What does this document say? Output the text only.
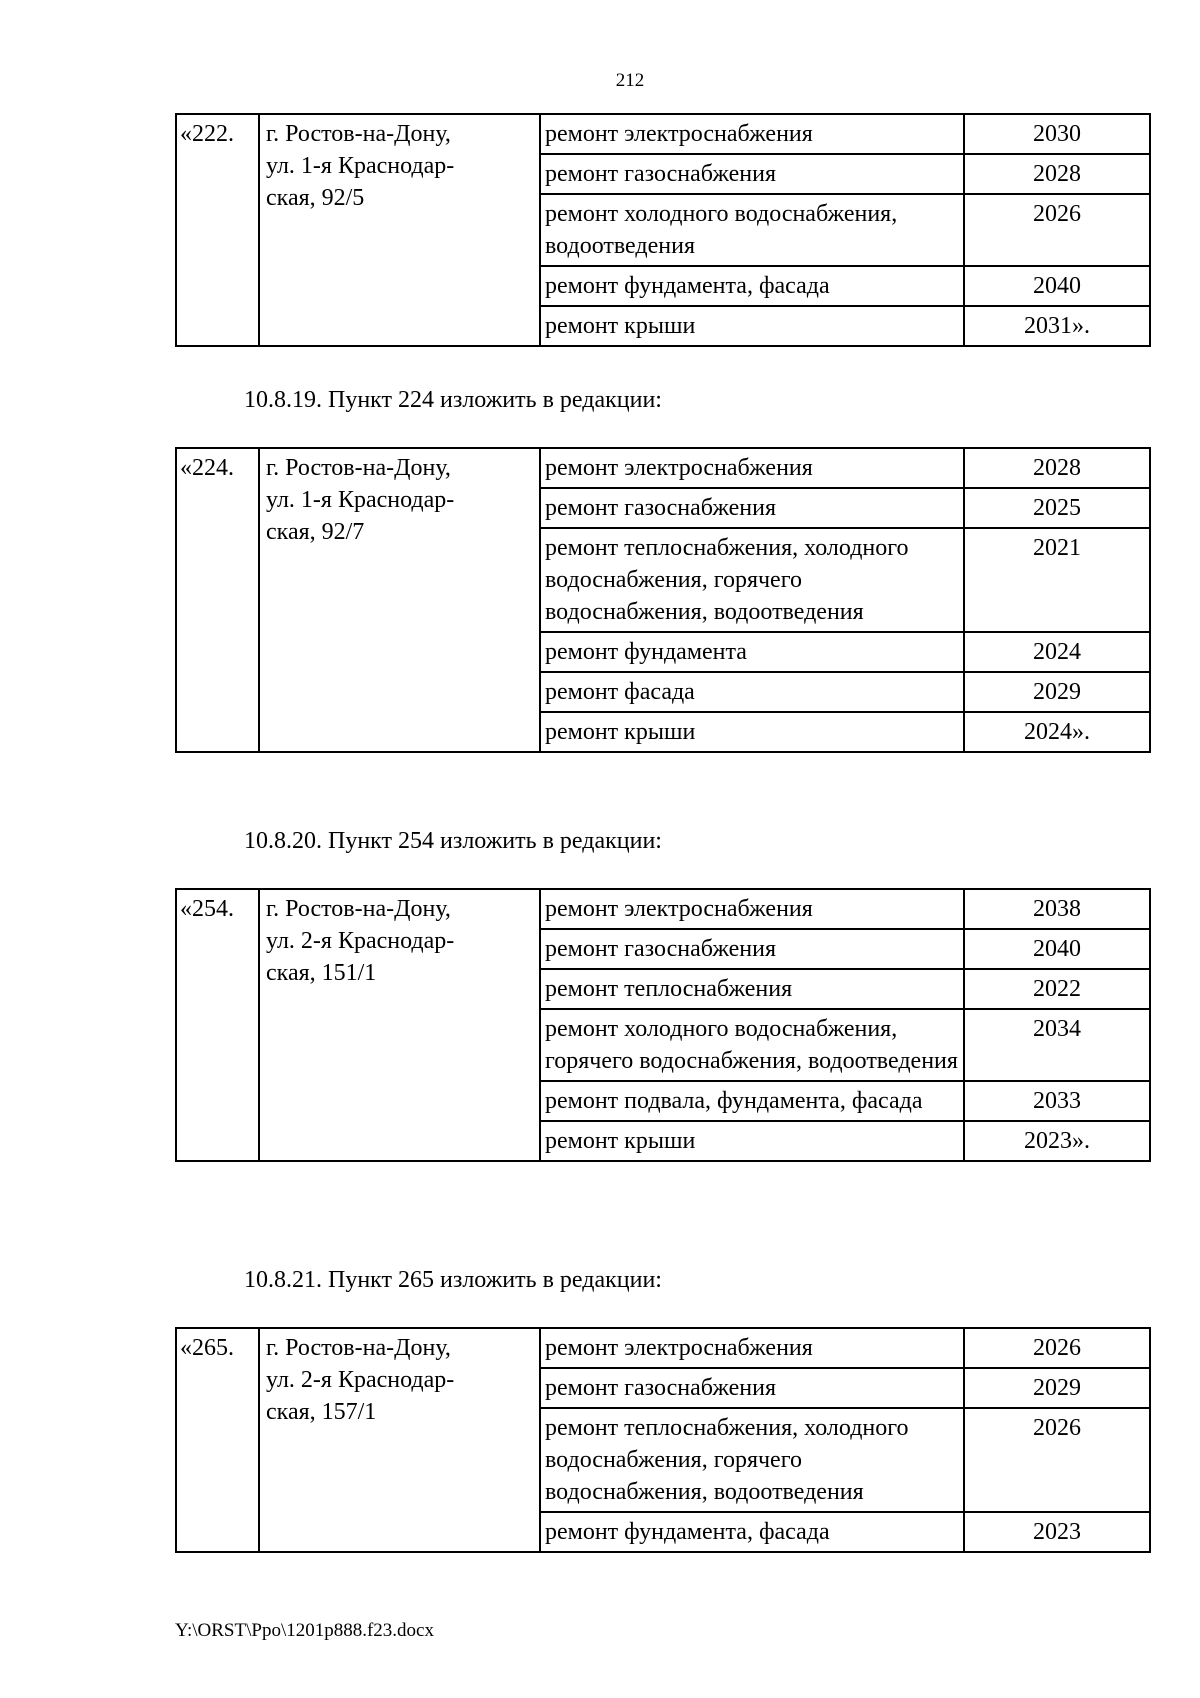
212
«222.	г. Ростов-на-Дону,
ул. 1-я Краснодар-
ская, 92/5	ремонт электроснабжения	2030
		ремонт газоснабжения	2028
		ремонт холодного водоснабжения, водоотведения	2026
		ремонт фундамента, фасада	2040
		ремонт крыши	2031».
10.8.19. Пункт 224 изложить в редакции:
«224.	г. Ростов-на-Дону,
ул. 1-я Краснодар-
ская, 92/7	ремонт электроснабжения	2028
		ремонт газоснабжения	2025
		ремонт теплоснабжения, холодного водоснабжения, горячего водоснабжения, водоотведения	2021
		ремонт фундамента	2024
		ремонт фасада	2029
		ремонт крыши	2024».
10.8.20. Пункт 254 изложить в редакции:
«254.	г. Ростов-на-Дону,
ул. 2-я Краснодар-
ская, 151/1	ремонт электроснабжения	2038
		ремонт газоснабжения	2040
		ремонт теплоснабжения	2022
		ремонт холодного водоснабжения, горячего водоснабжения, водоотведения	2034
		ремонт подвала, фундамента, фасада	2033
		ремонт крыши	2023».
10.8.21. Пункт 265 изложить в редакции:
«265.	г. Ростов-на-Дону,
ул. 2-я Краснодар-
ская, 157/1	ремонт электроснабжения	2026
		ремонт газоснабжения	2029
		ремонт теплоснабжения, холодного водоснабжения, горячего водоснабжения, водоотведения	2026
		ремонт фундамента, фасада	2023
Y:\ORST\Ppo\1201p888.f23.docx
